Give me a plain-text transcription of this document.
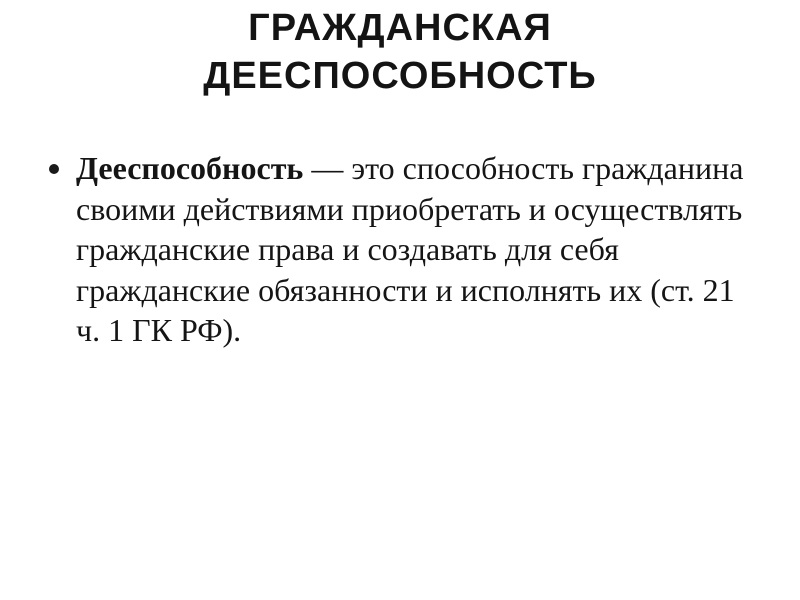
ГРАЖДАНСКАЯ
ДЕЕСПОСОБНОСТЬ
Дееспособность — это способность гражданина своими действиями приобретать и осуществлять гражданские права и создавать для себя гражданские обязанности и исполнять их (ст. 21 ч. 1 ГК РФ).
